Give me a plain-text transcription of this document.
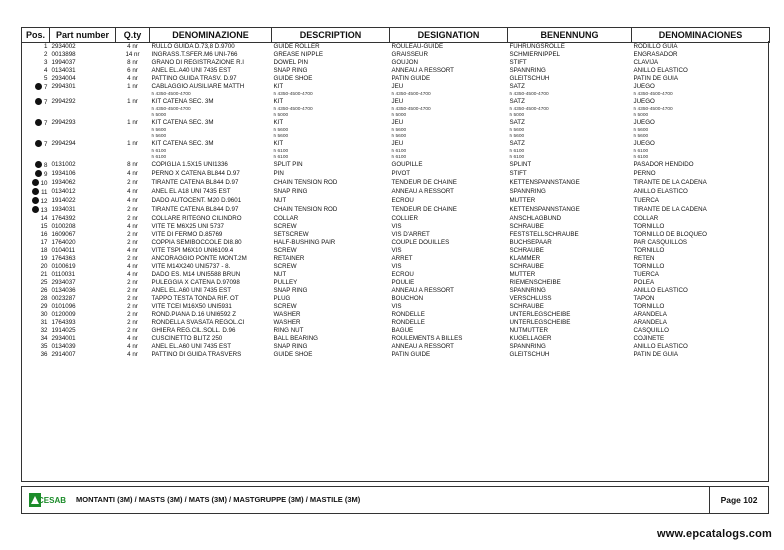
Pos.	Part number	Q.ty	DENOMINAZIONE	DESCRIPTION	DESIGNATION	BENENNUNG	DENOMINACIONES
1	2934002	4 nr	RULLO GUIDA D.73,8 D.9700	GUIDE ROLLER	ROULEAU-GUIDE	FÜHRUNGSROLLE	RODILLO GUIA
2	0013898	14 nr	INGRASS.T.SFER.M6 UNI-766	GREASE NIPPLE	GRAISSEUR	SCHMIERNIPPEL	ENGRASADOR
3	1994037	8 nr	GRANO DI REGISTRAZIONE R.I	DOWEL PIN	GOUJON	STIFT	CLAVIJA
4	0134031	6 nr	ANEL EL.A40 UNI 7435 EST	SNAP RING	ANNEAU A RESSORT	SPANNRING	ANILLO ELASTICO
5	2934004	4 nr	PATTINO GUIDA TRASV. D.97	GUIDE SHOE	PATIN GUIDE	GLEITSCHUH	PATIN DE GUIA
7	2994301	1 nr	CABLAGGIO AUSILIARE MATTH	KIT	JEU	SATZ	JUEGO
			h 4350-4500-4700	h 4350-4500-4700	h 4350-4500-4700	h 4350-4500-4700	h 4350-4500-4700
7	2994292	1 nr	KIT CATENA SEC. 3M	KIT	JEU	SATZ	JUEGO
			h 4350-4500-4700	h 4350-4500-4700	h 4350-4500-4700	h 4350-4500-4700	h 4350-4500-4700
			h 5000	h 5000	h 5000	h 5000	h 5000
7	2994293	1 nr	KIT CATENA SEC. 3M	KIT	JEU	SATZ	JUEGO
			h 5600	h 5600	h 5600	h 5600	h 5600
			h 5600	h 5600	h 5600	h 5600	h 5600
7	2994294	1 nr	KIT CATENA SEC. 3M	KIT	JEU	SATZ	JUEGO
			h 6100	h 6100	h 6100	h 6100	h 6100
			h 6100	h 6100	h 6100	h 6100	h 6100
8	0131002	8 nr	COPIGLIA 1.5X15 UNI1336	SPLIT PIN	GOUPILLE	SPLINT	PASADOR HENDIDO
9	1934106	4 nr	PERNO X CATENA BL844 D.97	PIN	PIVOT	STIFT	PERNO
10	1934062	2 nr	TIRANTE CATENA BL844 D.97	CHAIN TENSION ROD	TENDEUR DE CHAINE	KETTENSPANNSTANGE	TIRANTE DE LA CADENA
11	0134012	4 nr	ANEL EL A18 UNI 7435 EST	SNAP RING	ANNEAU A RESSORT	SPANNRING	ANILLO ELASTICO
12	1914022	4 nr	DADO AUTOCENT. M20 D.9601	NUT	ECROU	MUTTER	TUERCA
13	1934031	2 nr	TIRANTE CATENA BL844 D.97	CHAIN TENSION ROD	TENDEUR DE CHAINE	KETTENSPANNSTANGE	TIRANTE DE LA CADENA
14	1764392	2 nr	COLLARE RITEGNO CILINDRO	COLLAR	COLLIER	ANSCHLAGBUND	COLLAR
15	0100208	4 nr	VITE TE M6X25 UNI 5737	SCREW	VIS	SCHRAUBE	TORNILLO
16	1609067	2 nr	VITE DI FERMO D.85769	SETSCREW	VIS D'ARRET	FESTSTELLSCHRAUBE	TORNILLO DE BLOQUEO
17	1764020	2 nr	COPPIA SEMIBOCCOLE DI8.80	HALF-BUSHING PAIR	COUPLE DOUILLES	BUCHSEPAAR	PAR CASQUILLOS
18	0104011	4 nr	VITE TSPI M6X10 UNI6109.4	SCREW	VIS	SCHRAUBE	TORNILLO
19	1764363	2 nr	ANCORAGGIO PONTE MONT.2M	RETAINER	ARRET	KLAMMER	RETEN
20	0100619	4 nr	VITE M14X240 UNI5737 - 8.	SCREW	VIS	SCHRAUBE	TORNILLO
21	0110031	4 nr	DADO ES. M14 UNI5588 BRUN	NUT	ECROU	MUTTER	TUERCA
25	2934037	2 nr	PULEGGIA X CATENA D.97098	PULLEY	POULIE	RIEMENSCHEIBE	POLEA
26	0134036	2 nr	ANEL EL.A60 UNI 7435 EST	SNAP RING	ANNEAU A RESSORT	SPANNRING	ANILLO ELASTICO
28	0023287	2 nr	TAPPO TESTA TONDA RIF. OT	PLUG	BOUCHON	VERSCHLUSS	TAPON
29	0101096	2 nr	VITE TCEI M16X50 UNI5931	SCREW	VIS	SCHRAUBE	TORNILLO
30	0120009	2 nr	ROND.PIANA D.16 UNI6592 Z	WASHER	RONDELLE	UNTERLEGSCHEIBE	ARANDELA
31	1764393	2 nr	RONDELLA SVASATA REGOL.CI	WASHER	RONDELLE	UNTERLEGSCHEIBE	ARANDELA
32	1914025	2 nr	GHIERA REG.CIL.SOLL. D.96	RING NUT	BAGUE	NUTMUTTER	CASQUILLO
34	2934001	4 nr	CUSCINETTO BLITZ 250	BALL BEARING	ROULEMENTS A BILLES	KUGELLAGER	COJINETE
35	0134039	4 nr	ANEL EL.A60 UNI 7435 EST	SNAP RING	ANNEAU A RESSORT	SPANNRING	ANILLO ELASTICO
36	2914007	4 nr	PATTINO DI GUIDA TRASVERS	GUIDE SHOE	PATIN GUIDE	GLEITSCHUH	PATIN DE GUIA
CESAB MONTANTI (3M) / MASTS (3M) / MATS (3M) / MASTGRUPPE (3M) / MASTILE (3M)	Page 102
www.epcatalogs.com
